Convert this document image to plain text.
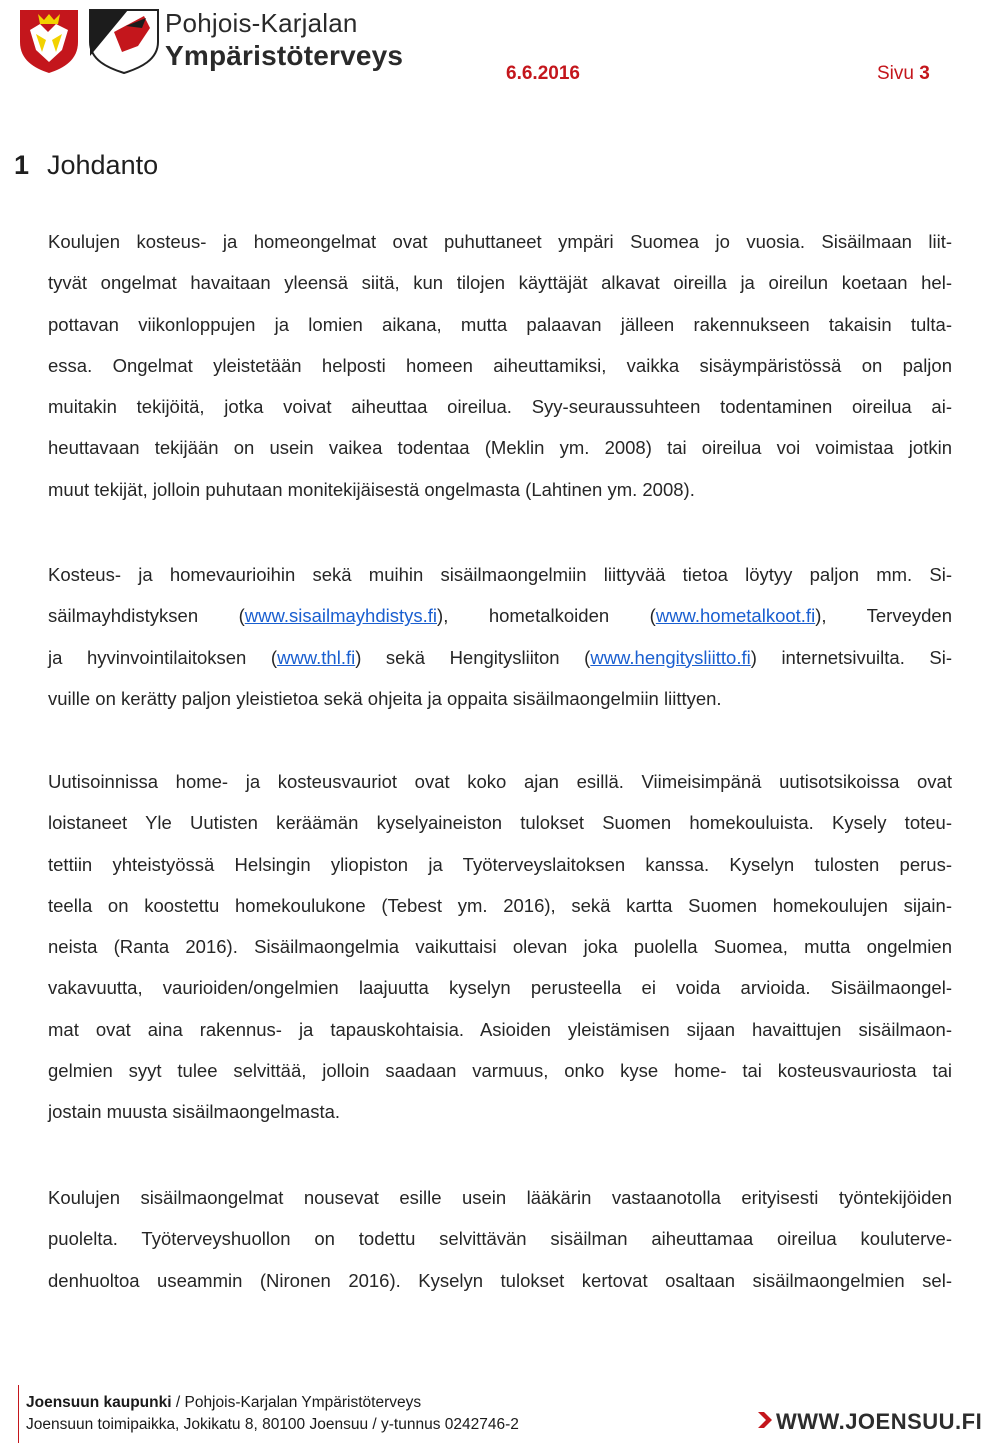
Pohjois-Karjalan
Ympäristöterveys
6.6.2016	Sivu 3
1 Johdanto
Koulujen kosteus- ja homeongelmat ovat puhuttaneet ympäri Suomea jo vuosia. Sisäilmaan liit-
tyvät ongelmat havaitaan yleensä siitä, kun tilojen käyttäjät alkavat oireilla ja oireilun koetaan hel-
pottavan viikonloppujen ja lomien aikana, mutta palaavan jälleen rakennukseen takaisin tulta-
essa. Ongelmat yleistetään helposti homeen aiheuttamiksi, vaikka sisäympäristössä on paljon
muitakin tekijöitä, jotka voivat aiheuttaa oireilua. Syy-seuraussuhteen todentaminen oireilua ai-
heuttavaan tekijään on usein vaikea todentaa (Meklin ym. 2008) tai oireilua voi voimistaa jotkin
muut tekijät, jolloin puhutaan monitekijäisestä ongelmasta (Lahtinen ym. 2008).
Kosteus- ja homevaurioihin sekä muihin sisäilmaongelmiin liittyvää tietoa löytyy paljon mm. Si-
säilmayhdistyksen (www.sisailmayhdistys.fi), hometalkoiden (www.hometalkoot.fi), Terveyden
ja hyvinvointilaitoksen (www.thl.fi) sekä Hengitysliiton (www.hengitysliitto.fi) internetsivuilta. Si-
vuille on kerätty paljon yleistietoa sekä ohjeita ja oppaita sisäilmaongelmiin liittyen.
Uutisoinnissa home- ja kosteusvauriot ovat koko ajan esillä. Viimeisimpänä uutisotsikoissa ovat
loistaneet Yle Uutisten keräämän kyselyaineiston tulokset Suomen homekouluista. Kysely toteu-
tettiin yhteistyössä Helsingin yliopiston ja Työterveyslaitoksen kanssa. Kyselyn tulosten perus-
teella on koostettu homekoulukone (Tebest ym. 2016), sekä kartta Suomen homekoulujen sijain-
neista (Ranta 2016). Sisäilmaongelmia vaikuttaisi olevan joka puolella Suomea, mutta ongelmien
vakavuutta, vaurioiden/ongelmien laajuutta kyselyn perusteella ei voida arvioida. Sisäilmaongel-
mat ovat aina rakennus- ja tapauskohtaisia. Asioiden yleistämisen sijaan havaittujen sisäilmaon-
gelmien syyt tulee selvittää, jolloin saadaan varmuus, onko kyse home- tai kosteusvauriosta tai
jostain muusta sisäilmaongelmasta.
Koulujen sisäilmaongelmat nousevat esille usein lääkärin vastaanotolla erityisesti työntekijöiden
puolelta. Työterveyshuollon on todettu selvittävän sisäilman aiheuttamaa oireilua kouluterve-
denhuoltoa useammin (Nironen 2016). Kyselyn tulokset kertovat osaltaan sisäilmaongelmien sel-
Joensuun kaupunki / Pohjois-Karjalan Ympäristöterveys
Joensuun toimipaikka, Jokikatu 8, 80100 Joensuu / y-tunnus 0242746-2	WWW.JOENSUU.FI
